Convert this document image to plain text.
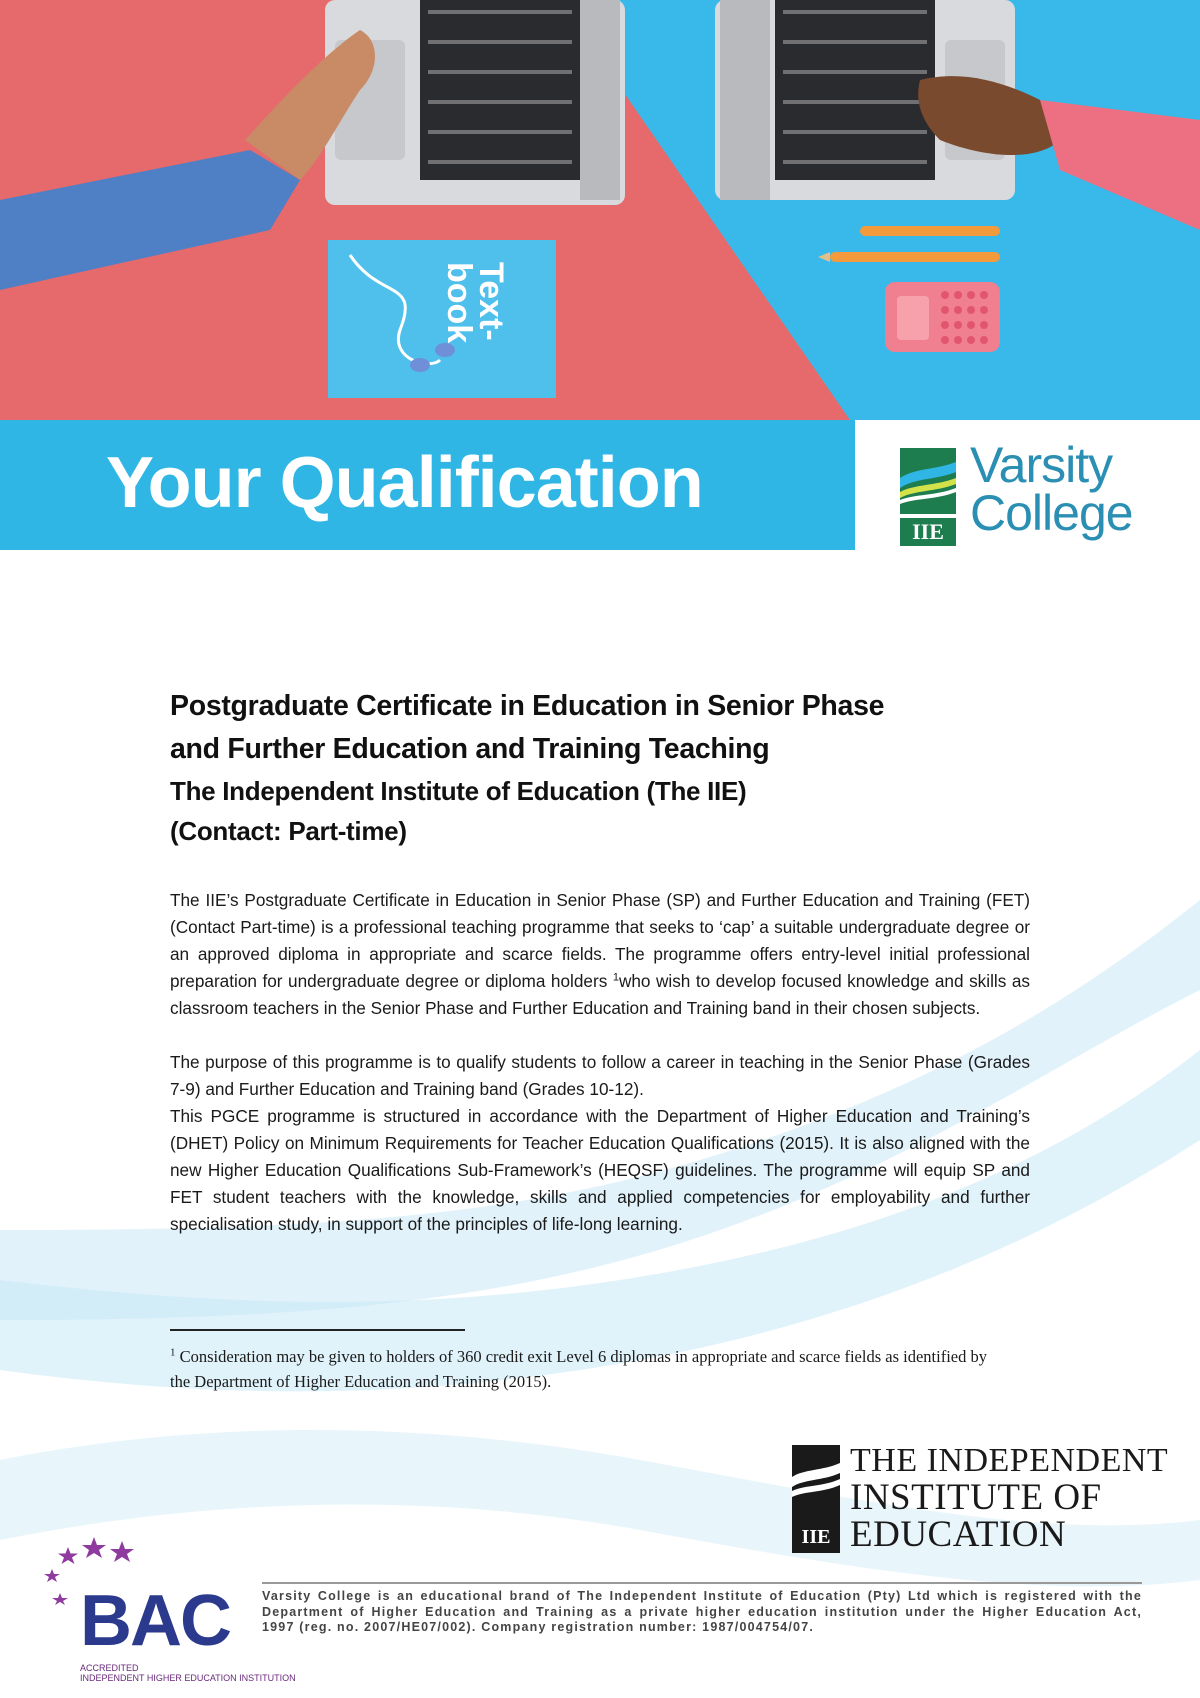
Text-
book
Your Qualification
IIE
Varsity
College
Postgraduate Certificate in Education in Senior Phase
and Further Education and Training Teaching
The Independent Institute of Education (The IIE)
(Contact: Part-time)

The IIE’s Postgraduate Certificate in Education in Senior Phase (SP) and Further Education and Training (FET) (Contact Part-time) is a professional teaching programme that seeks to ‘cap’ a suitable undergraduate degree or an approved diploma in appropriate and scarce fields. The programme offers entry-level initial professional preparation for undergraduate degree or diploma holders $^1$who wish to develop focused knowledge and skills as classroom teachers in the Senior Phase and Further Education and Training band in their chosen subjects.

The purpose of this programme is to qualify students to follow a career in teaching in the Senior Phase (Grades 7-9) and Further Education and Training band (Grades 10-12).

This PGCE programme is structured in accordance with the Department of Higher Education and Training’s (DHET) Policy on Minimum Requirements for Teacher Education Qualifications (2015). It is also aligned with the new Higher Education Qualifications Sub-Framework’s (HEQSF) guidelines. The programme will equip SP and FET student teachers with the knowledge, skills and applied competencies for employability and further specialisation study, in support of the principles of life-long learning.

$^1$ Consideration may be given to holders of 360 credit exit Level 6 diplomas in appropriate and scarce fields as identified by the Department of Higher Education and Training (2015).

IIE
THE INDEPENDENT
INSTITUTE OF
EDUCATION
BAC
ACCREDITED
INDEPENDENT HIGHER EDUCATION INSTITUTION

Varsity College is an educational brand of The Independent Institute of Education (Pty) Ltd which is registered with the Department of Higher Education and Training as a private higher education institution under the Higher Education Act, 1997 (reg. no. 2007/HE07/002). Company registration number: 1987/004754/07.
